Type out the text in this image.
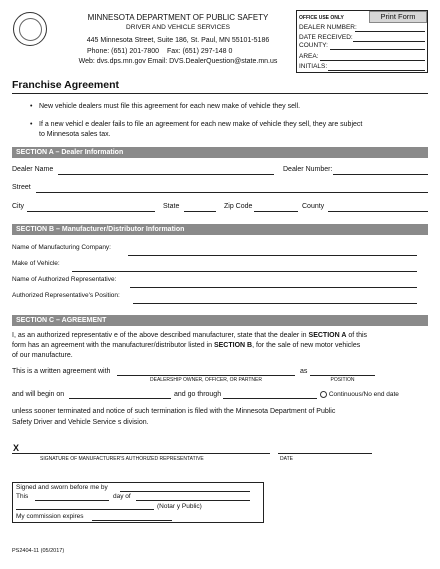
MINNESOTA DEPARTMENT OF PUBLIC SAFETY
DRIVER AND VEHICLE SERVICES
445 Minnesota Street, Suite 186, St. Paul, MN 55101-5186
Phone: (651) 201-7800 Fax: (651) 297-148 0
Web: dvs.dps.mn.gov Email: DVS.DealerQuestion@state.mn.us
OFFICE USE ONLY	Print Form
DEALER NUMBER:
DATE RECEIVED:
COUNTY:
AREA:
INITIALS:
Franchise Agreement
• New vehicle dealers must file this agreement for each new make of vehicle they sell.
• If a new vehicl e dealer fails to file an agreement for each new make of vehicle they sell, they are subject
to Minnesota sales tax.
SECTION A – Dealer Information
Dealer Name	Dealer Number:
Street
City	State	Zip Code	County
SECTION B – Manufacturer/Distributor Information
Name of Manufacturing Company:
Make of Vehicle:
Name of Authorized Representative:
Authorized Representative's Position:
SECTION C – AGREEMENT
I, as an authorized representativ e of the above described manufacturer, state that the dealer in SECTION A of this
form has an agreement with the manufacturer/distributor listed in SECTION B, for the sale of new motor vehicles
of our manufacture.
This is a written agreement with
DEALERSHIP OWNER, OFFICER, OR PARTNER
as
POSITION
and will begin on	and go through	Continuous/No end date
unless sooner terminated and notice of such termination is filed with the Minnesota Department of Public
Safety Driver and Vehicle Service s division.
X
SIGNATURE OF MANUFACTURER'S AUTHORIZED REPRESENTATIVE	DATE
Signed and sworn before me by
This	day of
(Notar y Public)
My commission expires
PS2404-11 (05/2017)
